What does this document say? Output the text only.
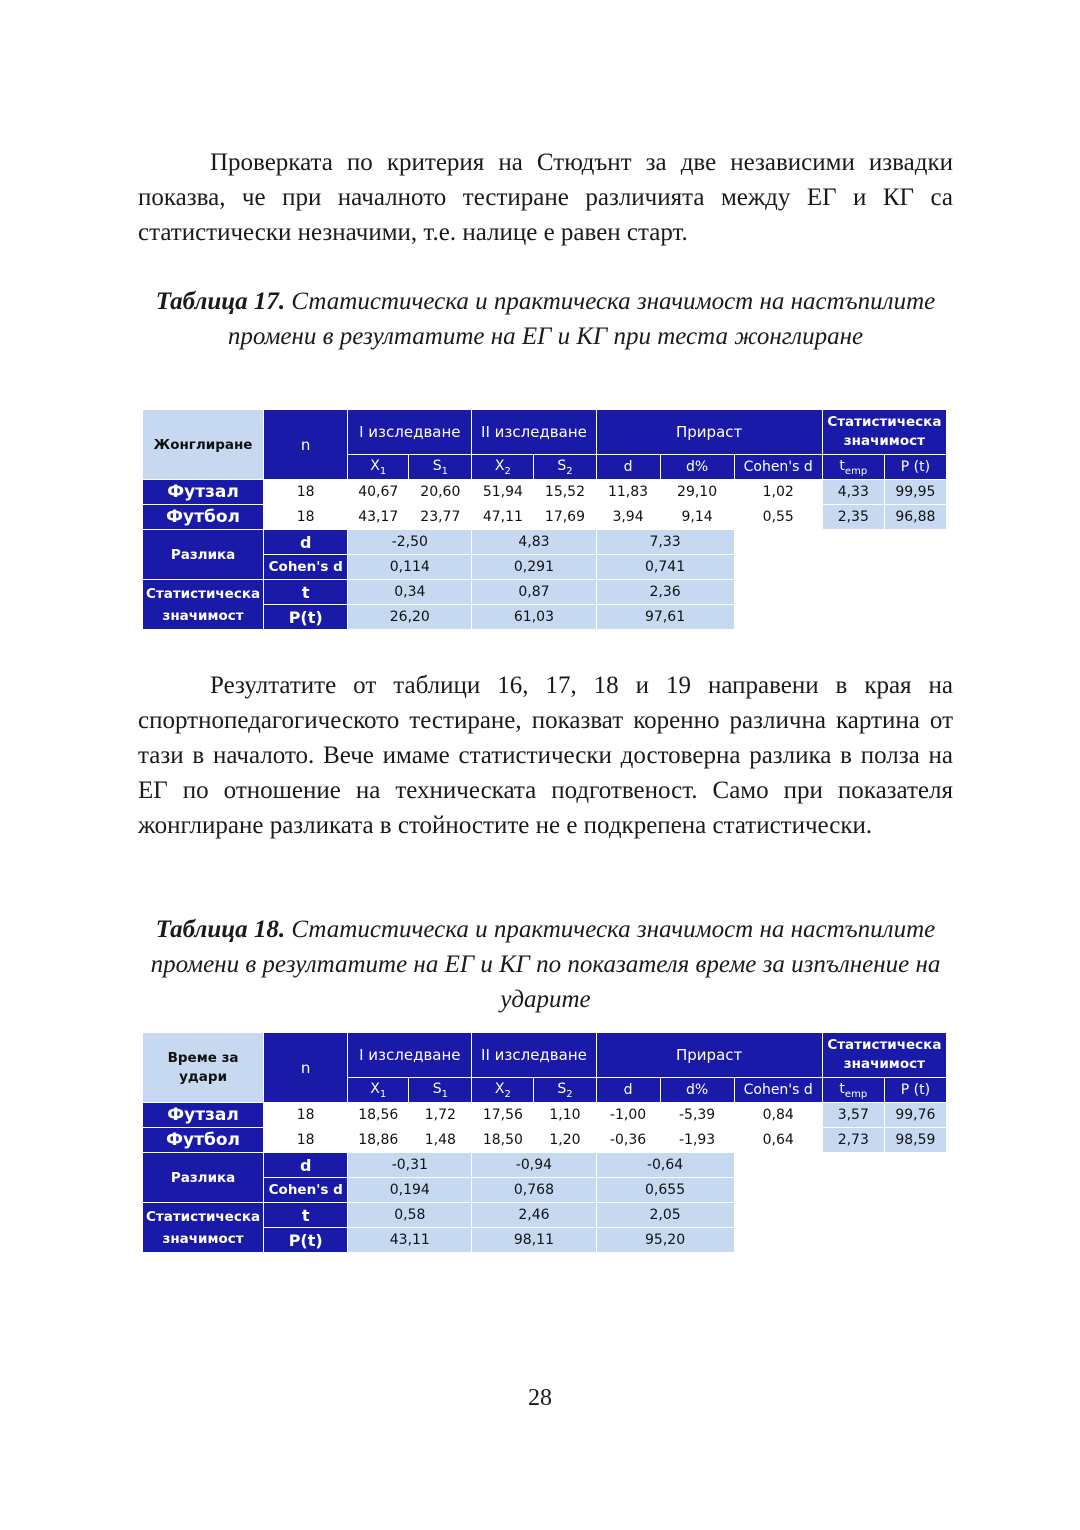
Проверката по критерия на Стюдънт за две независими извадки показва, че при началното тестиране различията между ЕГ и КГ са статистически незначими, т.е. налице е равен старт.

Таблица 17. Статистическа и практическа значимост на настъпилите промени в резултатите на ЕГ и КГ при теста жонглиране

Жонглиране	n	I изследване		II изследване		Прираст			Статистическа значимост	
		$X_1$	$S_1$	$X_2$	$S_2$	d	d%	Cohen's d	$t_{emp}$	P (t)
Футзал	18	40,67	20,60	51,94	15,52	11,83	29,10	1,02	4,33	99,95
Футбол	18	43,17	23,77	47,11	17,69	3,94	9,14	0,55	2,35	96,88
Разлика	d	-2,50		4,83		7,33				
	Cohen's d	0,114		0,291		0,741				
Статистическа значимост	t	0,34		0,87		2,36				
	P(t)	26,20		61,03		97,61				

Резултатите от таблици 16, 17, 18 и 19 направени в края на спортнопедагогическото тестиране, показват коренно различна картина от тази в началото. Вече имаме статистически достоверна разлика в полза на ЕГ по отношение на техническата подготвеност. Само при показателя жонглиране разликата в стойностите не е подкрепена статистически.

Таблица 18. Статистическа и практическа значимост на настъпилите промени в резултатите на ЕГ и КГ по показателя време за изпълнение на ударите

Време за удари	n	I изследване		II изследване		Прираст			Статистическа значимост	
		$X_1$	$S_1$	$X_2$	$S_2$	d	d%	Cohen's d	$t_{emp}$	P (t)
Футзал	18	18,56	1,72	17,56	1,10	-1,00	-5,39	0,84	3,57	99,76
Футбол	18	18,86	1,48	18,50	1,20	-0,36	-1,93	0,64	2,73	98,59
Разлика	d	-0,31		-0,94		-0,64				
	Cohen's d	0,194		0,768		0,655				
Статистическа значимост	t	0,58		2,46		2,05				
	P(t)	43,11		98,11		95,20				
28
